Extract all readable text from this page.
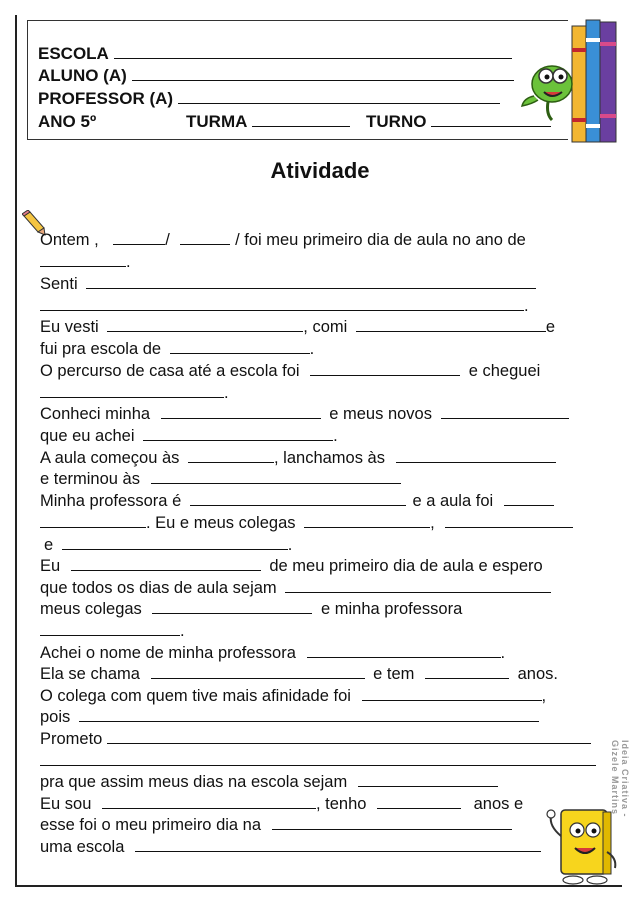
ESCOLA
ALUNO (A)
PROFESSOR (A)
ANO 5º	TURMA	TURNO
Atividade
Ontem ,	/	/ foi meu primeiro dia de aula no ano de
.
Senti
.
Eu vesti	, comi	e
fui pra escola de	.
O percurso de casa até a escola foi	e cheguei
.
Conheci minha	e meus novos
que eu achei	.
A aula começou às	, lanchamos às
e terminou às
Minha professora é	e a aula foi
. Eu e meus colegas	,
e	.
Eu	de meu primeiro dia de aula e espero
que todos os dias de aula sejam
meus colegas	e minha professora
.
Achei o nome de minha professora	.
Ela se chama	e tem	anos.
O colega com quem tive mais afinidade foi	,
pois
Prometo
pra que assim meus dias na escola sejam
Eu sou	, tenho	anos e
esse foi o meu primeiro dia na
uma escola
Ideia Criativa - Gizele Martins
